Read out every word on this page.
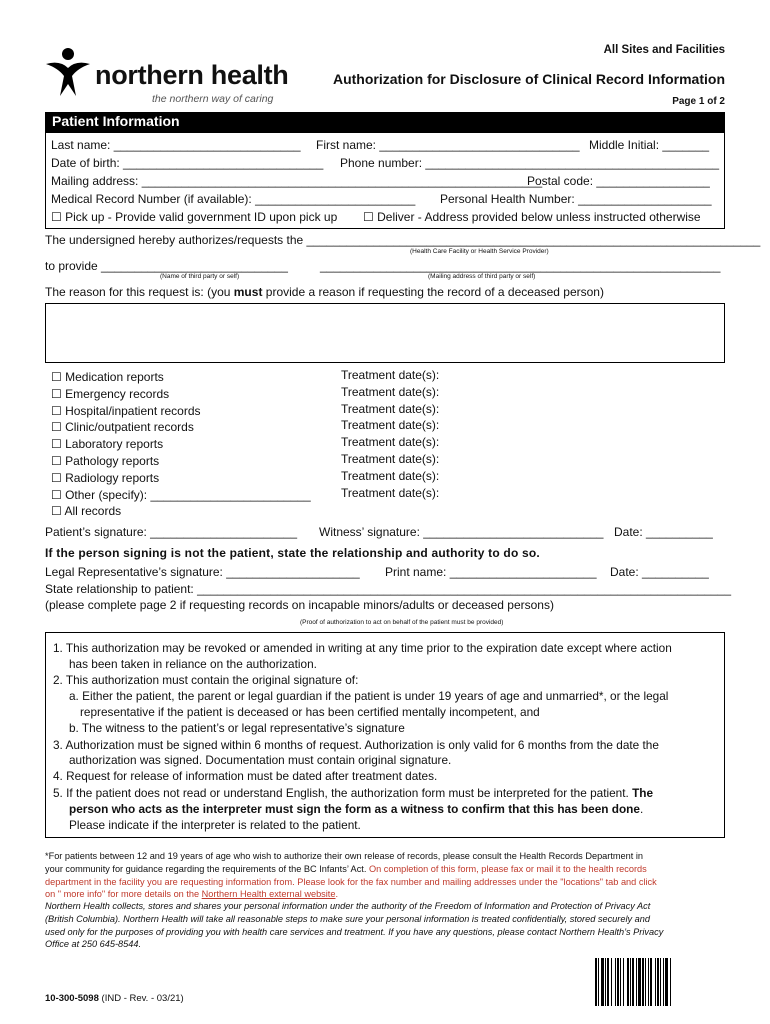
All Sites and Facilities
northern health
the northern way of caring
Authorization for Disclosure of Clinical Record Information
Page 1 of 2
Patient Information
Last name: ____________________________ First name: ______________________________ Middle Initial: _______
Date of birth: ______________________________ Phone number: ____________________________________________
Mailing address: ____________________________________________________________
Postal code: _________________
Medical Record Number (if available): ________________________ Personal Health Number: ____________________
☐ Pick up - Provide valid government ID upon pick up ☐ Deliver - Address provided below unless instructed otherwise
The undersigned hereby authorizes/requests the ____________________________________________________________________
(Health Care Facility or Health Service Provider)
to provide ____________________________	____________________________________________________________
(Name of third party or self)	(Mailing address of third party or self)
The reason for this request is: (you must provide a reason if requesting the record of a deceased person)
☐ Medication reports
☐ Emergency records
☐ Hospital/inpatient records
☐ Clinic/outpatient records
☐ Laboratory reports
☐ Pathology reports
☐ Radiology reports
☐ Other (specify): ________________________
☐ All records
Treatment date(s):
Treatment date(s):
Treatment date(s):
Treatment date(s):
Treatment date(s):
Treatment date(s):
Treatment date(s):
Treatment date(s):
Patient’s signature: ______________________ Witness’ signature: ___________________________ Date: __________
If the person signing is not the patient, state the relationship and authority to do so.
Legal Representative’s signature: ____________________ Print name: ______________________ Date: __________
State relationship to patient: ________________________________________________________________________________
(please complete page 2 if requesting records on incapable minors/adults or deceased persons)
(Proof of authorization to act on behalf of the patient must be provided)
1. This authorization may be revoked or amended in writing at any time prior to the expiration date except where action
has been taken in reliance on the authorization.
2. This authorization must contain the original signature of:
a. Either the patient, the parent or legal guardian if the patient is under 19 years of age and unmarried*, or the legal
representative if the patient is deceased or has been certified mentally incompetent, and
b. The witness to the patient’s or legal representative’s signature
3. Authorization must be signed within 6 months of request. Authorization is only valid for 6 months from the date the
authorization was signed. Documentation must contain original signature.
4. Request for release of information must be dated after treatment dates.
5. If the patient does not read or understand English, the authorization form must be interpreted for the patient. The
person who acts as the interpreter must sign the form as a witness to confirm that this has been done.
Please indicate if the interpreter is related to the patient.
*For patients between 12 and 19 years of age who wish to authorize their own release of records, please consult the Health Records Department in
your community for guidance regarding the requirements of the BC Infants’ Act. On completion of this form, please fax or mail it to the health records
department in the facility you are requesting information from. Please look for the fax number and mailing addresses under the "locations" tab and click
on " more info" for more details on the Northern Health external website.
Northern Health collects, stores and shares your personal information under the authority of the Freedom of Information and Protection of Privacy Act
(British Columbia). Northern Health will take all reasonable steps to make sure your personal information is treated confidentially, stored securely and
used only for the purposes of providing you with health care services and treatment. If you have any questions, please contact Northern Health’s Privacy
Office at 250 645-8544.
10-300-5098 (IND - Rev. - 03/21)
